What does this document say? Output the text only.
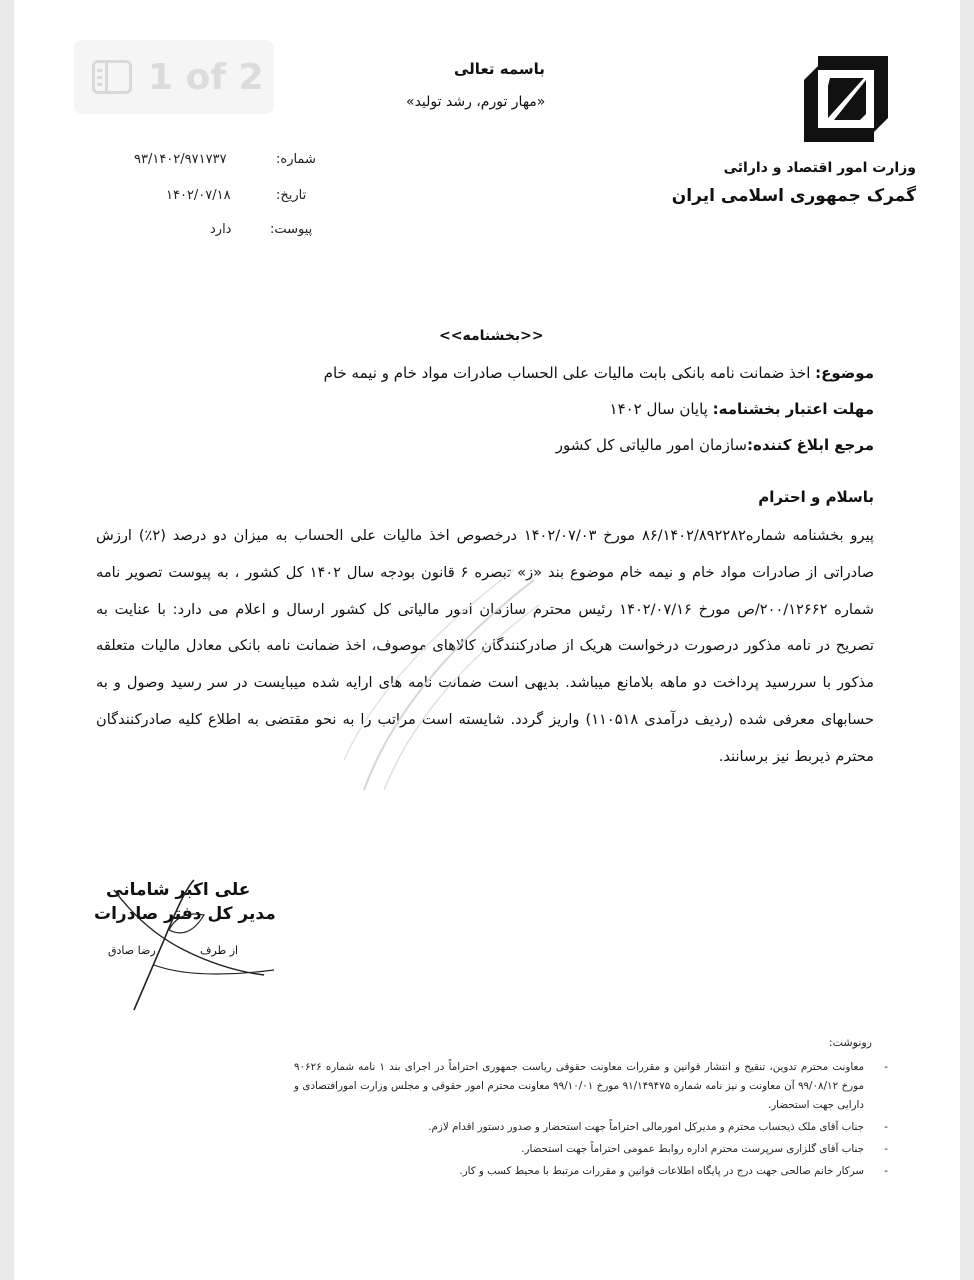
1 of 2	باسمه تعالی
«مهار تورم، رشد تولید»
وزارت امور اقتصاد و دارائی
گمرک جمهوری اسلامی ایران
شماره:
۹۳/۱۴۰۲/۹۷۱۷۳۷
تاریخ:
۱۴۰۲/۰۷/۱۸
پیوست:
دارد
<<بخشنامه>>
موضوع: اخذ ضمانت نامه بانکی بابت مالیات علی الحساب صادرات مواد خام و نیمه خام
مهلت اعتبار بخشنامه: پایان سال ۱۴۰۲
مرجع ابلاغ کننده:سازمان امور مالیاتی کل کشور
باسلام و احترام
پیرو بخشنامه شماره۸۶/۱۴۰۲/۸۹۲۲۸۲ مورخ ۱۴۰۲/۰۷/۰۳ درخصوص اخذ مالیات علی الحساب به میزان دو درصد (۲٪) ارزش صادراتی از صادرات مواد خام و نیمه خام موضوع بند «ز» تبصره ۶ قانون بودجه سال ۱۴۰۲ کل کشور ، به پیوست تصویر نامه شماره ۲۰۰/۱۲۶۶۲/ص مورخ ۱۴۰۲/۰۷/۱۶ رئیس محترم سازمان امور مالیاتی کل کشور ارسال و اعلام می دارد: با عنایت به تصریح در نامه مذکور درصورت درخواست هریک از صادرکنندگان کالاهای موصوف، اخذ ضمانت نامه بانکی معادل مالیات متعلقه مذکور با سررسید پرداخت دو ماهه بلامانع میباشد. بدیهی است ضمانت نامه های ارایه شده میبایست در سر رسید وصول و به حسابهای معرفی شده (ردیف درآمدی ۱۱۰۵۱۸) واریز گردد. شایسته است مراتب را به نحو مقتضی به اطلاع کلیه صادرکنندگان محترم ذیربط نیز برسانند.
علی اکبر شامانی
مدیر کل دفتر صادرات
از طرف
رضا صادق
رونوشت:
-
معاونت محترم تدوین، تنقیح و انتشار قوانین و مقررات معاونت حقوقی ریاست جمهوری احتراماً در اجرای بند ۱ نامه شماره ۹۰۶۲۶ مورخ ۹۹/۰۸/۱۲ آن معاونت و نیز نامه شماره ۹۱/۱۴۹۴۷۵ مورخ ۹۹/۱۰/۰۱ معاونت محترم امور حقوقی و مجلس وزارت امورافتصادی و دارایی جهت استحضار.
-
جناب آقای ملک ذیحساب محترم و مدیرکل امورمالی احتراماً جهت استحضار و صدور دستور اقدام لازم.
-
جناب آقای گلزاری سرپرست محترم اداره روابط عمومی احتراماً جهت استحضار.
-
سرکار خانم صالحی جهت درج در پایگاه اطلاعات قوانین و مقررات مرتبط با محیط کسب و کار.
